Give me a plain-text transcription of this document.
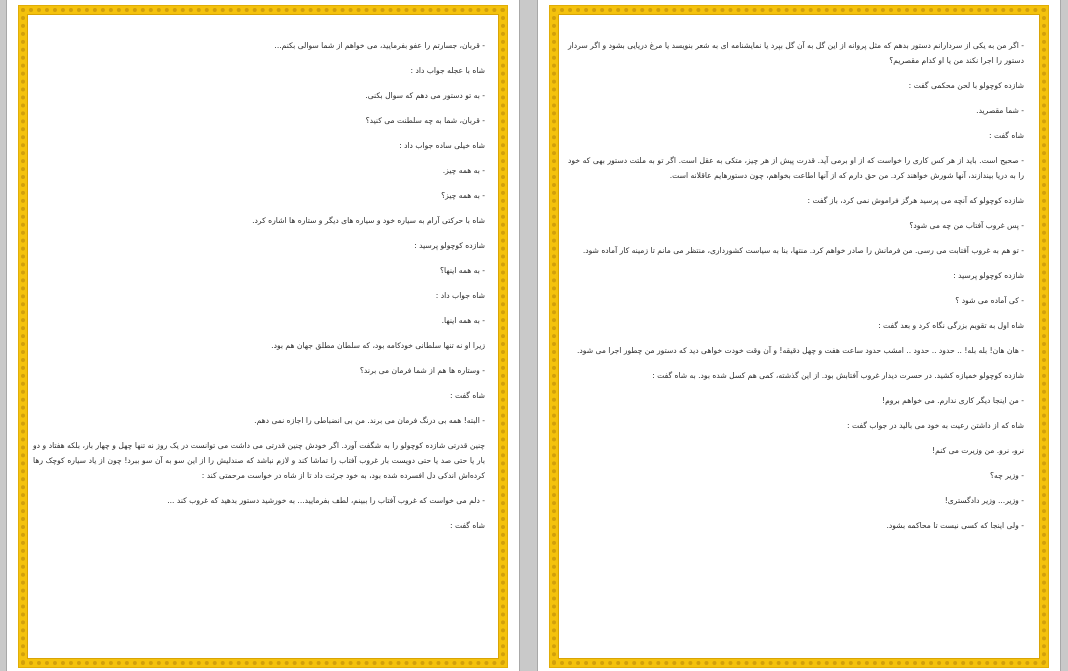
- قربان، جسارتم را عفو بفرمایید، می خواهم از شما سوالی بکنم...

شاه با عجله جواب داد :

- به تو دستور می دهم که سوال بکنی.

- قربان، شما به چه سلطنت می کنید؟

شاه خیلی ساده جواب داد :

- به همه چیز.

- به همه چیز؟

شاه با حرکتی آرام به سیاره خود و سیاره های دیگر و ستاره ها اشاره کرد.

شازده کوچولو پرسید :

- به همه اینها؟

شاه جواب داد :

- به همه اینها.

زیرا او نه تنها سلطانی خودکامه بود، که سلطان مطلق جهان هم بود.

- وستاره ها هم از شما فرمان می برند؟

شاه گفت :

- البته! همه بی درنگ فرمان می برند. من بی انضباطی را اجازه نمی دهم.

چنین قدرتی شازده کوچولو را به شگفت آورد. اگر خودش چنین قدرتی می داشت می توانست در یک روز نه تنها چهل و چهار بار، بلکه هفتاد و دو بار یا حتی صد یا حتی دویست بار غروب آفتاب را تماشا کند و لازم نباشد که صندلیش را از این سو به آن سو ببرد! چون از یاد سیاره کوچک رها کرده‌اش اندکی دل افسرده شده بود، به خود جرئت داد تا از شاه در خواست مرحمتی کند :

- دلم می خواست که غروب آفتاب را ببینم، لطف بفرمایید... به خورشید دستور بدهید که غروب کند ...

شاه گفت :

- اگر من به یکی از سردارانم دستور بدهم که مثل پروانه از این گل به آن گل بپرد یا نمایشنامه ای به شعر بنویسد یا مرغ دریایی بشود و اگر سردار دستور را اجرا نکند من یا او کدام مقصریم؟

شازده کوچولو با لحن محکمی گفت :

- شما مقصرید.

شاه گفت :

- صحیح است. باید از هر کس کاری را خواست که از او برمی آید. قدرت پیش از هر چیز، متکی به عقل است. اگر تو به ملتت دستور بهی که خود را به دریا بیندازند، آنها شورش خواهند کرد. من حق دارم که از آنها اطاعت بخواهم، چون دستورهایم عاقلانه است.

شازده کوچولو که آنچه می پرسید هرگز فراموش نمی کرد، باز گفت :

- پس غروب آفتاب من چه می شود؟

- تو هم به غروب آفتابت می رسی. من فرمانش را صادر خواهم کرد. منتها، بنا به سیاست کشورداری، منتظر می مانم تا زمینه کار آماده شود.

شازده کوچولو پرسید :

- کی آماده می شود ؟

شاه اول به تقویم بزرگی نگاه کرد و بعد گفت :

- هان هان! بله بله! .. حدود .. حدود .. امشب حدود ساعت هفت و چهل دقیقه! و آن وقت خودت خواهی دید که دستور من چطور اجرا می شود.

شازده کوچولو خمیازه کشید. در حسرت دیدار غروب آفتابش بود. از این گذشته، کمی هم کسل شده بود. به شاه گفت :

- من اینجا دیگر کاری ندارم. می خواهم بروم!

شاه که از داشتن رعیت به خود می بالید در جواب گفت :

نرو، نرو. من وزیرت می کنم!

- وزیر چه؟

- وزیر... وزیر دادگستری!

- ولی اینجا که کسی نیست تا محاکمه بشود.
